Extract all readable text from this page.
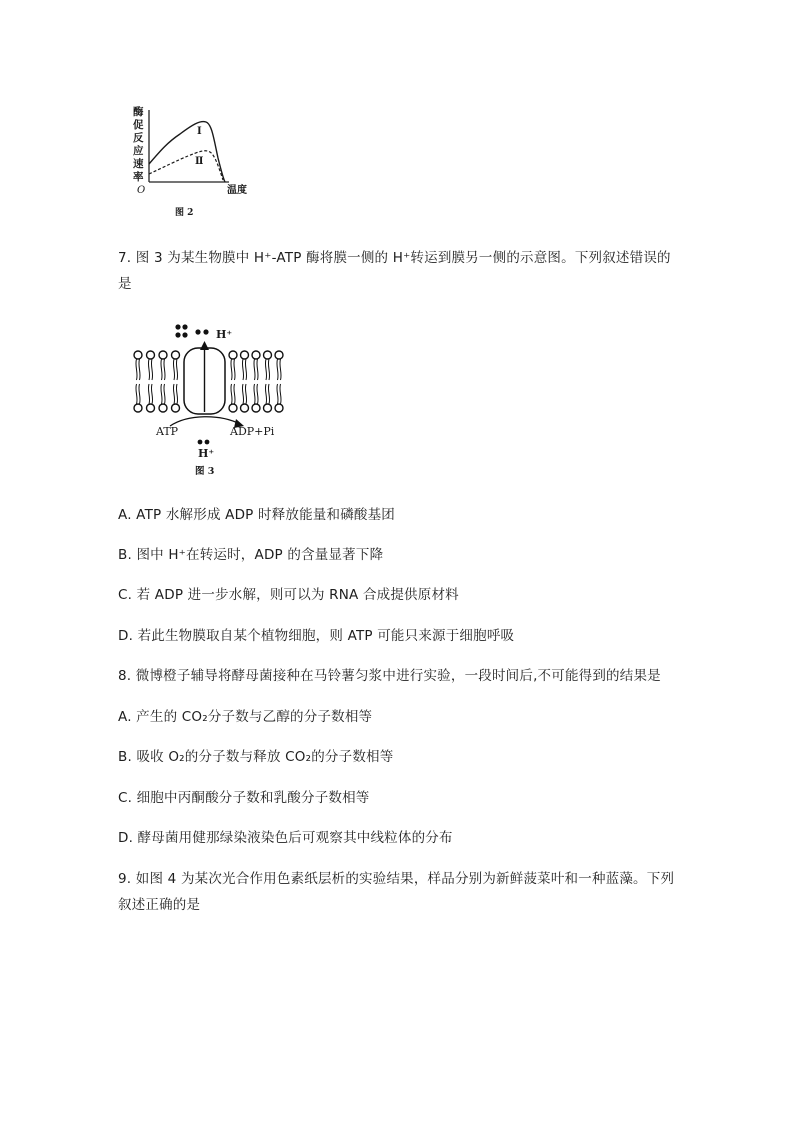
酶
促
反
应
速
率
O	温度
Ⅰ
Ⅱ
图 2
7. 图 3 为某生物膜中 H⁺-ATP 酶将膜一侧的 H⁺转运到膜另一侧的示意图。下列叙述错误的
是
H⁺
ATP	ADP+Pi
H⁺
图 3
A. ATP 水解形成 ADP 时释放能量和磷酸基团
B. 图中 H⁺在转运时，ADP 的含量显著下降
C. 若 ADP 进一步水解，则可以为 RNA 合成提供原材料
D. 若此生物膜取自某个植物细胞，则 ATP 可能只来源于细胞呼吸
8. 微博橙子辅导将酵母菌接种在马铃薯匀浆中进行实验，一段时间后,不可能得到的结果是
A. 产生的 CO₂分子数与乙醇的分子数相等
B. 吸收 O₂的分子数与释放 CO₂的分子数相等
C. 细胞中丙酮酸分子数和乳酸分子数相等
D. 酵母菌用健那绿染液染色后可观察其中线粒体的分布
9. 如图 4 为某次光合作用色素纸层析的实验结果，样品分别为新鲜菠菜叶和一种蓝藻。下列
叙述正确的是
